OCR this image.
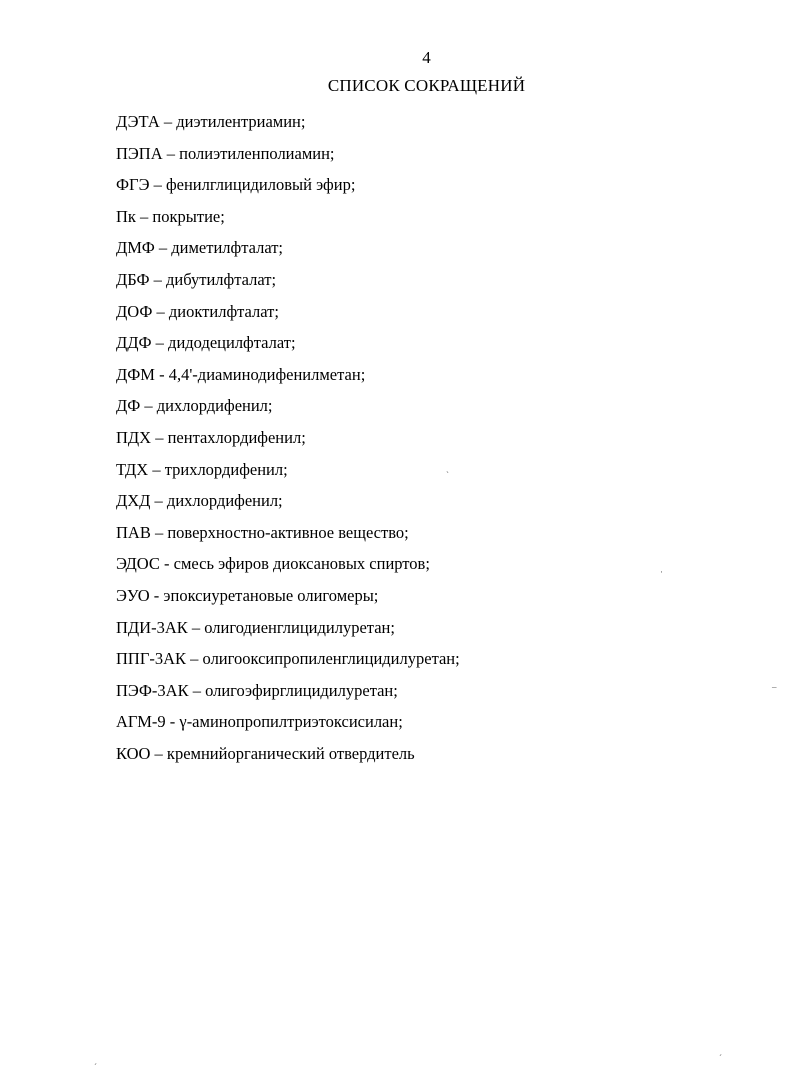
4
СПИСОК СОКРАЩЕНИЙ
ДЭТА – диэтилентриамин;
ПЭПА – полиэтиленполиамин;
ФГЭ – фенилглицидиловый эфир;
Пк – покрытие;
ДМФ – диметилфталат;
ДБФ – дибутилфталат;
ДОФ – диоктилфталат;
ДДФ – дидодецилфталат;
ДФМ - 4,4'-диаминодифенилметан;
ДФ – дихлордифенил;
ПДХ – пентахлордифенил;
ТДХ – трихлордифенил;
ДХД – дихлордифенил;
ПАВ – поверхностно-активное вещество;
ЭДОС - смесь эфиров диоксановых спиртов;
ЭУО - эпоксиуретановые олигомеры;
ПДИ-3АК – олигодиенглицидилуретан;
ППГ-3АК – олигооксипропиленглицидилуретан;
ПЭФ-3АК – олигоэфирглицидилуретан;
АГМ-9 - γ-аминопропилтриэтоксисилан;
КОО – кремнийорганический отвердитель
ˋ
·
‒
ˊ
ˊ
